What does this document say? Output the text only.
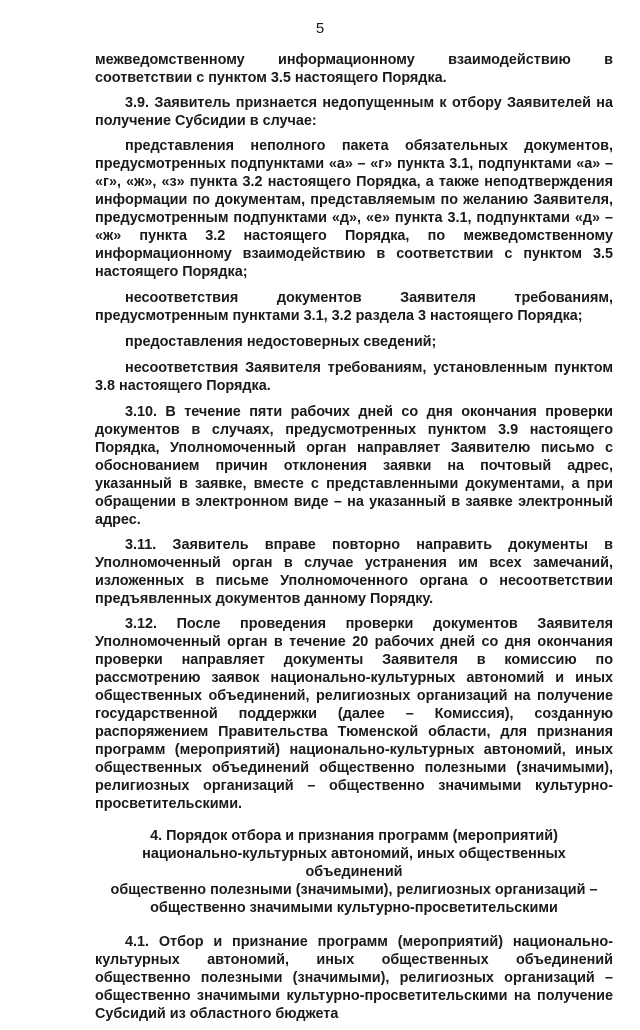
5

межведомственному информационному взаимодействию в соответствии с пунктом 3.5 настоящего Порядка.

3.9. Заявитель признается недопущенным к отбору Заявителей на получение Субсидии в случае:

представления неполного пакета обязательных документов, предусмотренных подпунктами «а» – «г» пункта 3.1, подпунктами «а» – «г», «ж», «з» пункта 3.2 настоящего Порядка, а также неподтверждения информации по документам, представляемым по желанию Заявителя, предусмотренным подпунктами «д», «е» пункта 3.1, подпунктами «д» – «ж» пункта 3.2 настоящего Порядка, по межведомственному информационному взаимодействию в соответствии с пунктом 3.5 настоящего Порядка;

несоответствия документов Заявителя требованиям, предусмотренным пунктами 3.1, 3.2 раздела 3 настоящего Порядка;

предоставления недостоверных сведений;

несоответствия Заявителя требованиям, установленным пунктом 3.8 настоящего Порядка.

3.10. В течение пяти рабочих дней со дня окончания проверки документов в случаях, предусмотренных пунктом 3.9 настоящего Порядка, Уполномоченный орган направляет Заявителю письмо с обоснованием причин отклонения заявки на почтовый адрес, указанный в заявке, вместе с представленными документами, а при обращении в электронном виде – на указанный в заявке электронный адрес.

3.11. Заявитель вправе повторно направить документы в Уполномоченный орган в случае устранения им всех замечаний, изложенных в письме Уполномоченного органа о несоответствии предъявленных документов данному Порядку.

3.12. После проведения проверки документов Заявителя Уполномоченный орган в течение 20 рабочих дней со дня окончания проверки направляет документы Заявителя в комиссию по рассмотрению заявок национально-культурных автономий и иных общественных объединений, религиозных организаций на получение государственной поддержки (далее – Комиссия), созданную распоряжением Правительства Тюменской области, для признания программ (мероприятий) национально-культурных автономий, иных общественных объединений общественно полезными (значимыми), религиозных организаций – общественно значимыми культурно-просветительскими.

4. Порядок отбора и признания программ (мероприятий)
национально-культурных автономий, иных общественных объединений
общественно полезными (значимыми), религиозных организаций –
общественно значимыми культурно-просветительскими

4.1. Отбор и признание программ (мероприятий) национально-культурных автономий, иных общественных объединений общественно полезными (значимыми), религиозных организаций – общественно значимыми культурно-просветительскими на получение Субсидий из областного бюджета
